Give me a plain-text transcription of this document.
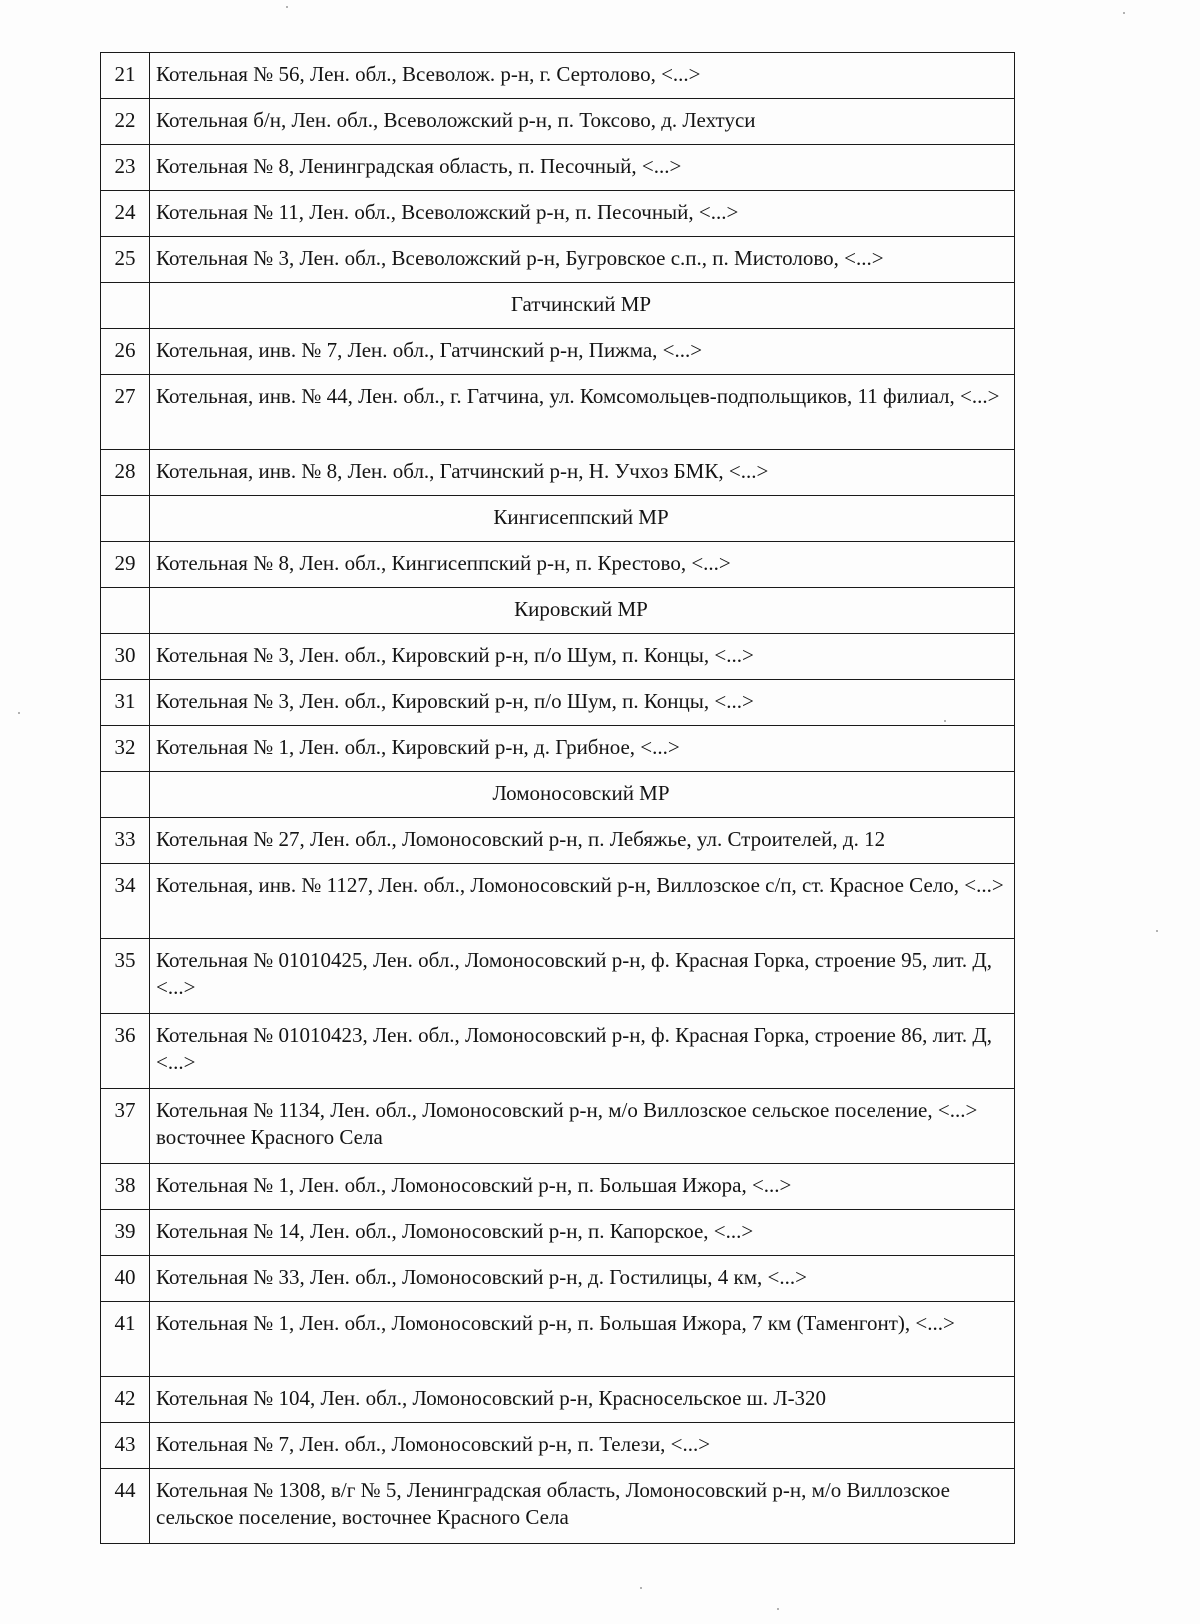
21	Котельная № 56, Лен. обл., Всеволож. р-н, г. Сертолово, <...>
22	Котельная б/н, Лен. обл., Всеволожский р-н, п. Токсово, д. Лехтуси
23	Котельная № 8, Ленинградская область, п. Песочный, <...>
24	Котельная № 11, Лен. обл., Всеволожский р-н, п. Песочный, <...>
25	Котельная № 3, Лен. обл., Всеволожский р-н, Бугровское с.п., п. Мистолово, <...>
	Гатчинский МР
26	Котельная, инв. № 7, Лен. обл., Гатчинский р-н, Пижма, <...>
27	Котельная, инв. № 44, Лен. обл., г. Гатчина, ул. Комсомольцев-подпольщиков, 11 филиал, <...>
28	Котельная, инв. № 8, Лен. обл., Гатчинский р-н, Н. Учхоз БМК, <...>
	Кингисеппский МР
29	Котельная № 8, Лен. обл., Кингисеппский р-н, п. Крестово, <...>
	Кировский МР
30	Котельная № 3, Лен. обл., Кировский р-н, п/о Шум, п. Концы, <...>
31	Котельная № 3, Лен. обл., Кировский р-н, п/о Шум, п. Концы, <...>
32	Котельная № 1, Лен. обл., Кировский р-н, д. Грибное, <...>
	Ломоносовский МР
33	Котельная № 27, Лен. обл., Ломоносовский р-н, п. Лебяжье, ул. Строителей, д. 12
34	Котельная, инв. № 1127, Лен. обл., Ломоносовский р-н, Виллозское с/п, ст. Красное Село, <...>
35	Котельная № 01010425, Лен. обл., Ломоносовский р-н, ф. Красная Горка, строение 95, лит. Д, <...>
36	Котельная № 01010423, Лен. обл., Ломоносовский р-н, ф. Красная Горка, строение 86, лит. Д, <...>
37	Котельная № 1134, Лен. обл., Ломоносовский р-н, м/о Виллозское сельское поселение, <...> восточнее Красного Села
38	Котельная № 1, Лен. обл., Ломоносовский р-н, п. Большая Ижора, <...>
39	Котельная № 14, Лен. обл., Ломоносовский р-н, п. Капорское, <...>
40	Котельная № 33, Лен. обл., Ломоносовский р-н, д. Гостилицы, 4 км, <...>
41	Котельная № 1, Лен. обл., Ломоносовский р-н, п. Большая Ижора, 7 км (Таменгонт), <...>
42	Котельная № 104, Лен. обл., Ломоносовский р-н, Красносельское ш. Л-320
43	Котельная № 7, Лен. обл., Ломоносовский р-н, п. Телези, <...>
44	Котельная № 1308, в/г № 5, Ленинградская область, Ломоносовский р-н, м/о Виллозское сельское поселение, восточнее Красного Села
